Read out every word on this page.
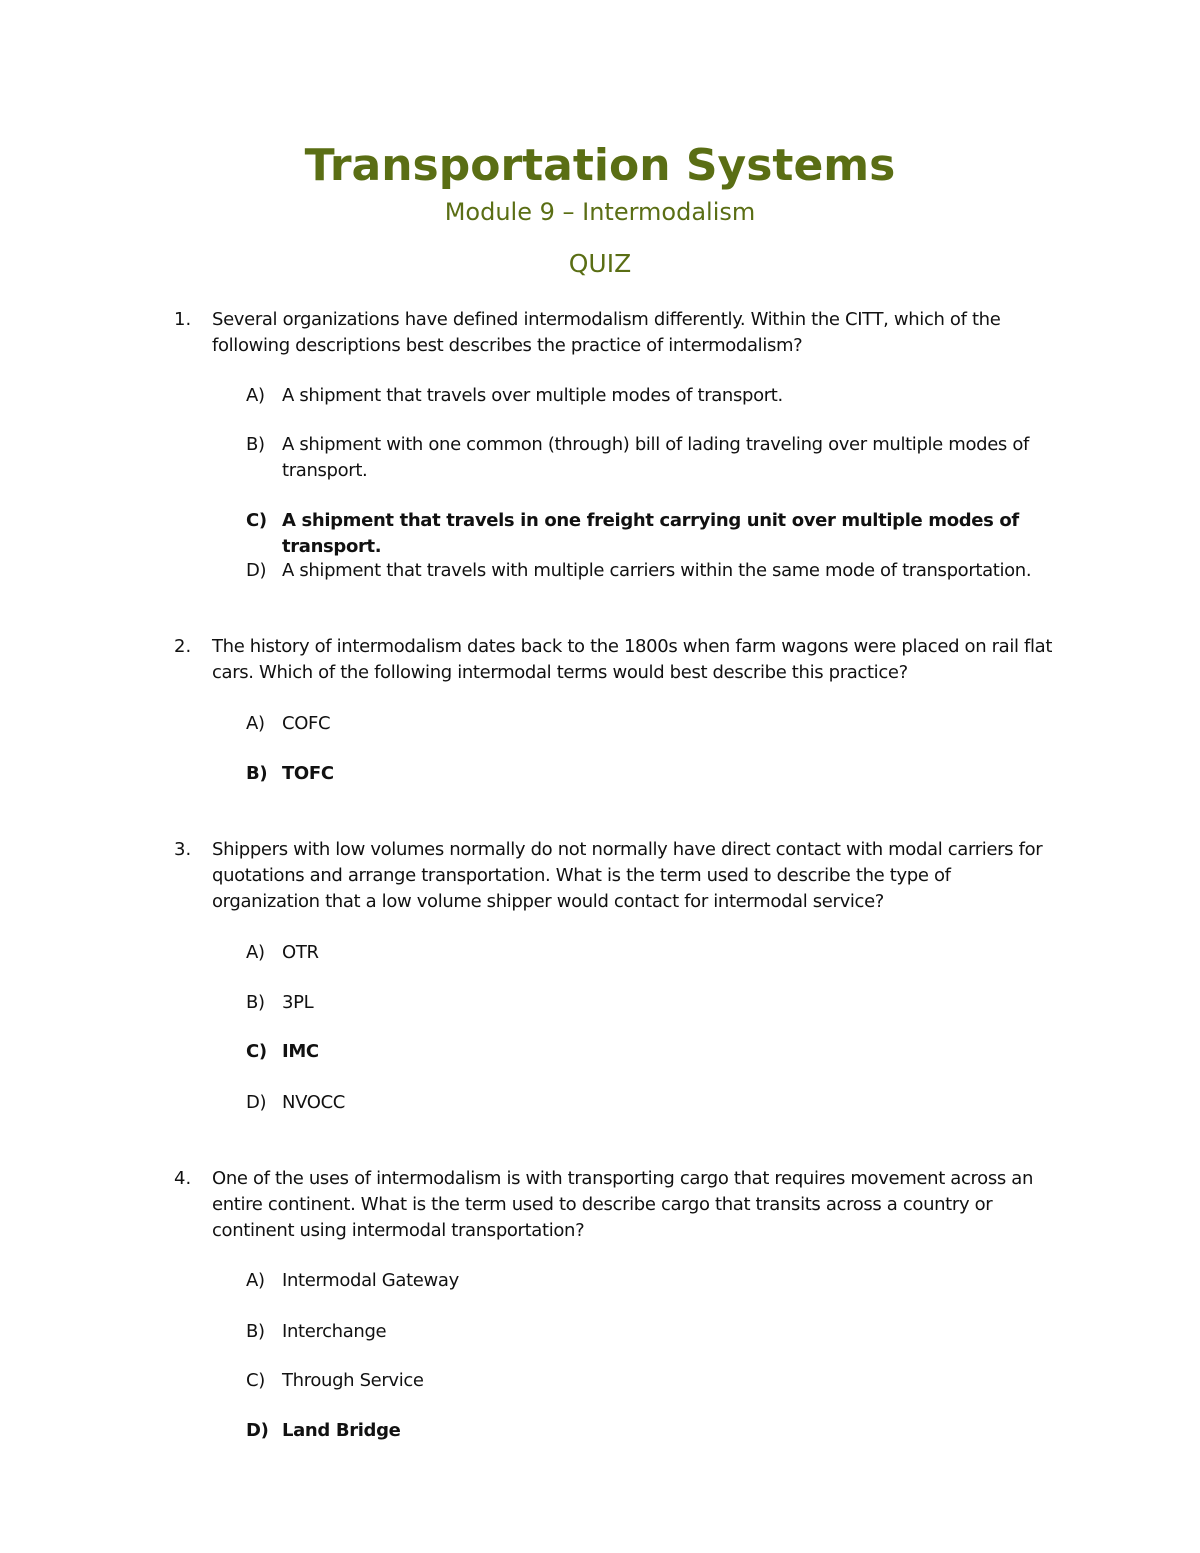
Transportation Systems
Module 9 – Intermodalism
QUIZ
1. Several organizations have defined intermodalism differently. Within the CITT, which of the following descriptions best describes the practice of intermodalism?
A) A shipment that travels over multiple modes of transport.
B) A shipment with one common (through) bill of lading traveling over multiple modes of transport.
C) A shipment that travels in one freight carrying unit over multiple modes of transport.
D) A shipment that travels with multiple carriers within the same mode of transportation.
2. The history of intermodalism dates back to the 1800s when farm wagons were placed on rail flat cars. Which of the following intermodal terms would best describe this practice?
A) COFC
B) TOFC
3. Shippers with low volumes normally do not normally have direct contact with modal carriers for quotations and arrange transportation. What is the term used to describe the type of organization that a low volume shipper would contact for intermodal service?
A) OTR
B) 3PL
C) IMC
D) NVOCC
4. One of the uses of intermodalism is with transporting cargo that requires movement across an entire continent. What is the term used to describe cargo that transits across a country or continent using intermodal transportation?
A) Intermodal Gateway
B) Interchange
C) Through Service
D) Land Bridge
